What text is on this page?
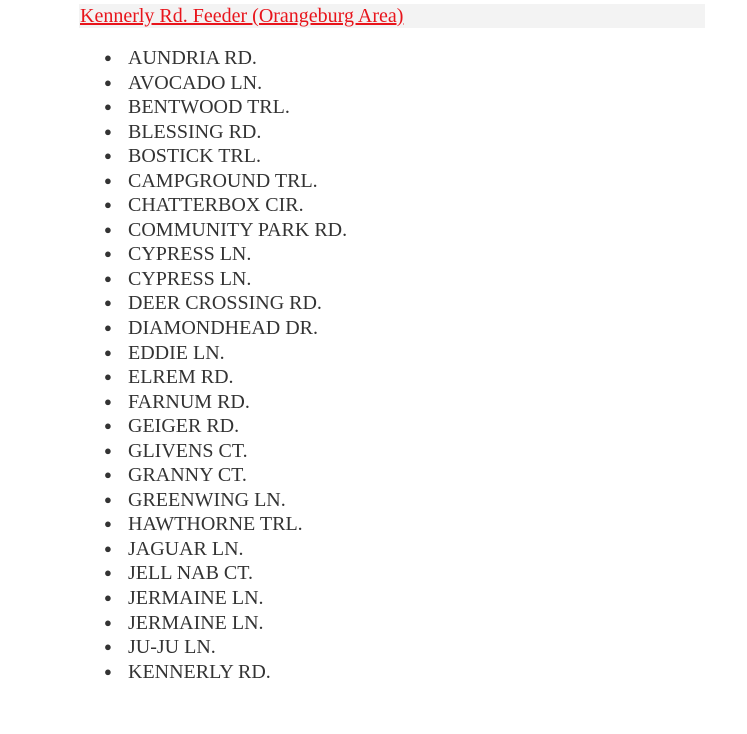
Kennerly Rd. Feeder (Orangeburg Area)
● AUNDRIA RD.
● AVOCADO LN.
● BENTWOOD TRL.
● BLESSING RD.
● BOSTICK TRL.
● CAMPGROUND TRL.
● CHATTERBOX CIR.
● COMMUNITY PARK RD.
● CYPRESS LN.
● CYPRESS LN.
● DEER CROSSING RD.
● DIAMONDHEAD DR.
● EDDIE LN.
● ELREM RD.
● FARNUM RD.
● GEIGER RD.
● GLIVENS CT.
● GRANNY CT.
● GREENWING LN.
● HAWTHORNE TRL.
● JAGUAR LN.
● JELL NAB CT.
● JERMAINE LN.
● JERMAINE LN.
● JU-JU LN.
● KENNERLY RD.
